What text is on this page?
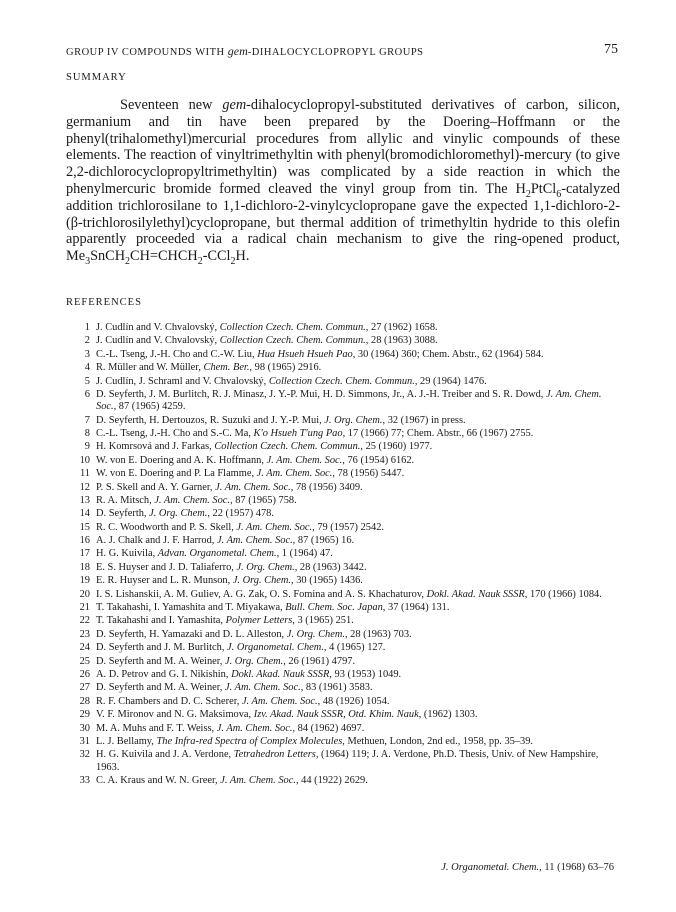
GROUP IV COMPOUNDS WITH gem-DIHALOCYCLOPROPYL GROUPS	75
SUMMARY

Seventeen new gem-dihalocyclopropyl-substituted derivatives of carbon, silicon, germanium and tin have been prepared by the Doering–Hoffmann or the phenyl(trihalomethyl)mercurial procedures from allylic and vinylic compounds of these elements. The reaction of vinyltrimethyltin with phenyl(bromodichloromethyl)-mercury (to give 2,2-dichlorocyclopropyltrimethyltin) was complicated by a side reaction in which the phenylmercuric bromide formed cleaved the vinyl group from tin. The $H_2PtCl_6$-catalyzed addition trichlorosilane to 1,1-dichloro-2-vinylcyclopropane gave the expected 1,1-dichloro-2-(β-trichlorosilylethyl)cyclopropane, but thermal addition of trimethyltin hydride to this olefin apparently proceeded via a radical chain mechanism to give the ring-opened product, $Me_3SnCH_2CH=CHCH_2-CCl_2H$.

REFERENCES
1 J. Cudlín and V. Chvalovský, Collection Czech. Chem. Commun., 27 (1962) 1658.
2 J. Cudlín and V. Chvalovský, Collection Czech. Chem. Commun., 28 (1963) 3088.
3 C.-L. Tseng, J.-H. Cho and C.-W. Liu, Hua Hsueh Hsueh Pao, 30 (1964) 360; Chem. Abstr., 62 (1964) 584.
4 R. Müller and W. Müller, Chem. Ber., 98 (1965) 2916.
5 J. Cudlín, J. Schraml and V. Chvalovský, Collection Czech. Chem. Commun., 29 (1964) 1476.
6 D. Seyferth, J. M. Burlitch, R. J. Minasz, J. Y.-P. Mui, H. D. Simmons, Jr., A. J.-H. Treiber and S. R. Dowd, J. Am. Chem. Soc., 87 (1965) 4259.
7 D. Seyferth, H. Dertouzos, R. Suzuki and J. Y.-P. Mui, J. Org. Chem., 32 (1967) in press.
8 C.-L. Tseng, J.-H. Cho and S.-C. Ma, K'o Hsueh T'ung Pao, 17 (1966) 77; Chem. Abstr., 66 (1967) 2755.
9 H. Komrsová and J. Farkas, Collection Czech. Chem. Commun., 25 (1960) 1977.
10 W. von E. Doering and A. K. Hoffmann, J. Am. Chem. Soc., 76 (1954) 6162.
11 W. von E. Doering and P. La Flamme, J. Am. Chem. Soc., 78 (1956) 5447.
12 P. S. Skell and A. Y. Garner, J. Am. Chem. Soc., 78 (1956) 3409.
13 R. A. Mitsch, J. Am. Chem. Soc., 87 (1965) 758.
14 D. Seyferth, J. Org. Chem., 22 (1957) 478.
15 R. C. Woodworth and P. S. Skell, J. Am. Chem. Soc., 79 (1957) 2542.
16 A. J. Chalk and J. F. Harrod, J. Am. Chem. Soc., 87 (1965) 16.
17 H. G. Kuivila, Advan. Organometal. Chem., 1 (1964) 47.
18 E. S. Huyser and J. D. Taliaferro, J. Org. Chem., 28 (1963) 3442.
19 E. R. Huyser and L. R. Munson, J. Org. Chem., 30 (1965) 1436.
20 I. S. Lishanskii, A. M. Guliev, A. G. Zak, O. S. Fomina and A. S. Khachaturov, Dokl. Akad. Nauk SSSR, 170 (1966) 1084.
21 T. Takahashi, I. Yamashita and T. Miyakawa, Bull. Chem. Soc. Japan, 37 (1964) 131.
22 T. Takahashi and I. Yamashita, Polymer Letters, 3 (1965) 251.
23 D. Seyferth, H. Yamazaki and D. L. Alleston, J. Org. Chem., 28 (1963) 703.
24 D. Seyferth and J. M. Burlitch, J. Organometal. Chem., 4 (1965) 127.
25 D. Seyferth and M. A. Weiner, J. Org. Chem., 26 (1961) 4797.
26 A. D. Petrov and G. I. Nikishin, Dokl. Akad. Nauk SSSR, 93 (1953) 1049.
27 D. Seyferth and M. A. Weiner, J. Am. Chem. Soc., 83 (1961) 3583.
28 R. F. Chambers and D. C. Scherer, J. Am. Chem. Soc., 48 (1926) 1054.
29 V. F. Mironov and N. G. Maksimova, Izv. Akad. Nauk SSSR, Otd. Khim. Nauk, (1962) 1303.
30 M. A. Muhs and F. T. Weiss, J. Am. Chem. Soc., 84 (1962) 4697.
31 L. J. Bellamy, The Infra-red Spectra of Complex Molecules, Methuen, London, 2nd ed., 1958, pp. 35–39.
32 H. G. Kuivila and J. A. Verdone, Tetrahedron Letters, (1964) 119; J. A. Verdone, Ph.D. Thesis, Univ. of New Hampshire, 1963.
33 C. A. Kraus and W. N. Greer, J. Am. Chem. Soc., 44 (1922) 2629.
J. Organometal. Chem., 11 (1968) 63–76
